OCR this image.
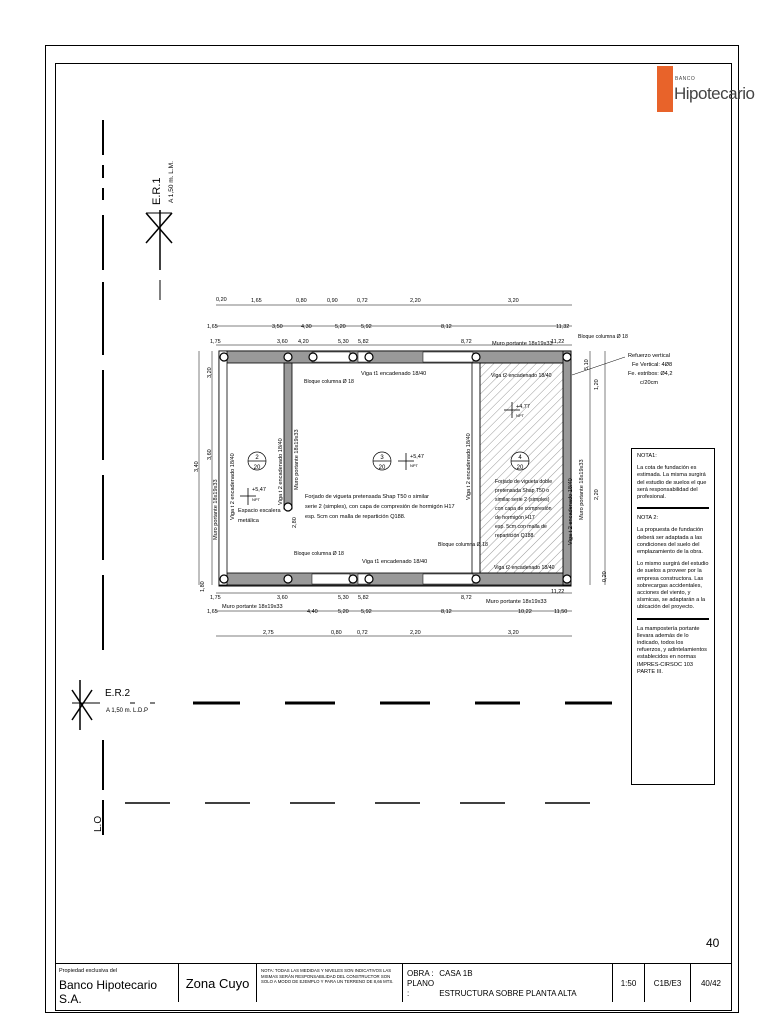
BANCO
Hipotecario
E.R.1 A 1,50 m. L.M.
L.O
E.R.2
A 1,50 m. L.D.P
0,20	1,65	0,80	0,90	0,72	2,20	3,20
1,65	3,50	4,30	5,20	5,92	8,12	11,32
1,75	3,60 4,20	5,30 5,82	8,72	11,22
3,20
3,60
3,40
1,80
5,10
1,20
2,20
0,20
1,75	3,60	5,30 5,82	8,72
11,22
1,65	4,40	5,20 5,92	8,12	10,22	11,50
2,75	0,80	0,72	2,20	3,20
Muro portante 18x19x33
Bloque columna Ø 18
Bloque columna Ø 18
Viga t1 encadenado 18/40	Viga t2 encadenado 18/40
Viga t2 encadenado 18/40
Viga t1 encadenado 18/40
Bloque columna Ø 18
Bloque columna Ø 18
Muro portante 18x19x33
Muro portante 18x19x33
Viga t 2 encadenado 18/40
Muro portante 18x19x33
Viga t 2 encadenado 18/40 Muro portante 18x19x33	Viga t 2 encadenado 18/40
Viga t 2 encadenado 18/40 Muro portante 18x19x33
2,80
Refuerzo vertical
Fe Vertical: 4Ø8
Fe. estribos: Ø4,2
c/20cm
Forjado de vigueta pretensada Shap T50 o similar
serie 2 (simples), con capa de compresión de hormigón H17
esp. 5cm con malla de repartición Q188.
Forjado de vigueta doble
pretensada Shap T50 o
similar serie 2 (simples)
con capa de compresión
de hormigón H17
esp. 5cm con malla de
repartición Q188.
Espacio escalera
metálica
2
20
3
20
4
20
+5,47
NPT
+5,47
NPT
+4,77
NPT

NOTA1:

La cota de fundación es estimada. La misma surgirá del estudio de suelos el que será responsabilidad del profesional.

NOTA 2:

La propuesta de fundación deberá ser adaptada a las condiciones del suelo del emplazamiento de la obra.

Lo mismo surgirá del estudio de suelos a proveer por la empresa constructora. Las sobrecargas accidentales, acciones del viento, y sísmicas, se adaptarán a la ubicación del proyecto.

La mampostería portante llevara además de lo indicado, todos los refuerzos, y adintelamientos establecidos en normas IMPRES-CIRSOC 103 PARTE III.

40
Propiedad exclusiva del
Banco Hipotecario S.A.
Zona Cuyo
NOTA: TODAS LAS MEDIDAS Y NIVELES SON INDICATIVOS LAS MISMAS SERÁN RESPONSABILIDAD DEL CONSTRUCTOR SON SOLO A MODO DE EJEMPLO Y PARA UN TERRENO DE 8,66 MTS.
OBRA : CASA 1B
PLANO :	ESTRUCTURA SOBRE PLANTA ALTA
1:50	C1B/E3	40/42
